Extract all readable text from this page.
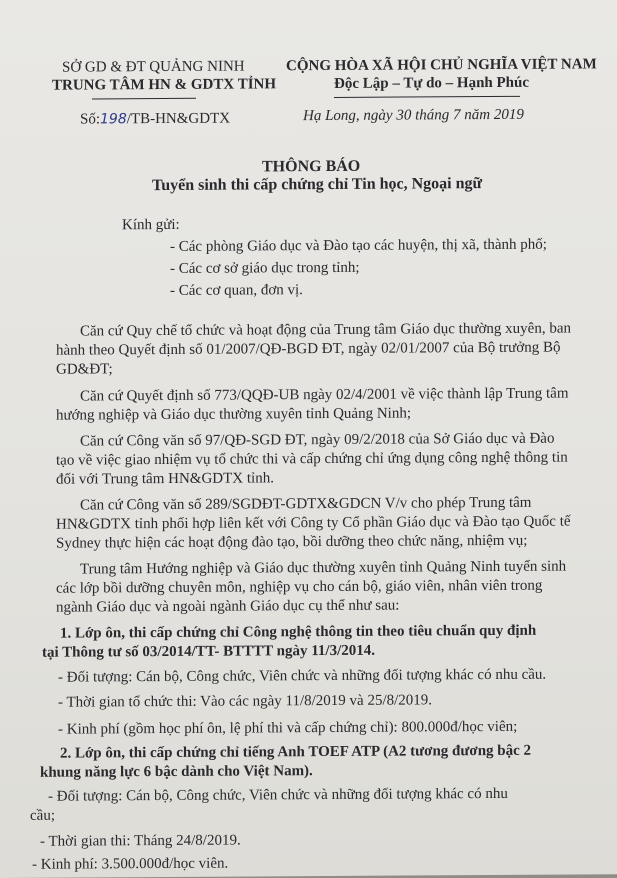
SỞ GD & ĐT QUẢNG NINH
TRUNG TÂM HN & GDTX TỈNH
Số:198/TB-HN&GDTX
CỘNG HÒA XÃ HỘI CHỦ NGHĨA VIỆT NAM
Độc Lập – Tự do – Hạnh Phúc
Hạ Long, ngày 30 tháng 7 năm 2019
THÔNG BÁO
Tuyển sinh thi cấp chứng chỉ Tin học, Ngoại ngữ
Kính gửi:
- Các phòng Giáo dục và Đào tạo các huyện, thị xã, thành phố;
- Các cơ sở giáo dục trong tỉnh;
- Các cơ quan, đơn vị.
Căn cứ Quy chế tổ chức và hoạt động của Trung tâm Giáo dục thường xuyên, ban
hành theo Quyết định số 01/2007/QĐ-BGD ĐT, ngày 02/01/2007 của Bộ trưởng Bộ
GD&ĐT;
Căn cứ Quyết định số 773/QQĐ-UB ngày 02/4/2001 về việc thành lập Trung tâm
hướng nghiệp và Giáo dục thường xuyên tỉnh Quảng Ninh;
Căn cứ Công văn số 97/QĐ-SGD ĐT, ngày 09/2/2018 của Sở Giáo dục và Đào
tạo về việc giao nhiệm vụ tổ chức thi và cấp chứng chỉ ứng dụng công nghệ thông tin
đối với Trung tâm HN&GDTX tỉnh.
Căn cứ Công văn số 289/SGDĐT-GDTX&GDCN V/v cho phép Trung tâm
HN&GDTX tỉnh phối hợp liên kết với Công ty Cổ phần Giáo dục và Đào tạo Quốc tế
Sydney thực hiện các hoạt động đào tạo, bồi dưỡng theo chức năng, nhiệm vụ;
Trung tâm Hướng nghiệp và Giáo dục thường xuyên tỉnh Quảng Ninh tuyển sinh
các lớp bồi dưỡng chuyên môn, nghiệp vụ cho cán bộ, giáo viên, nhân viên trong
ngành Giáo dục và ngoài ngành Giáo dục cụ thể như sau:
1. Lớp ôn, thi cấp chứng chỉ Công nghệ thông tin theo tiêu chuẩn quy định
tại Thông tư số 03/2014/TT- BTTTT ngày 11/3/2014.
- Đối tượng: Cán bộ, Công chức, Viên chức và những đối tượng khác có nhu cầu.
- Thời gian tổ chức thi: Vào các ngày 11/8/2019 và 25/8/2019.
- Kinh phí (gồm học phí ôn, lệ phí thi và cấp chứng chỉ): 800.000đ/học viên;
2. Lớp ôn, thi cấp chứng chỉ tiếng Anh TOEF ATP (A2 tương đương bậc 2
khung năng lực 6 bậc dành cho Việt Nam).
- Đối tượng: Cán bộ, Công chức, Viên chức và những đối tượng khác có nhu
cầu;
- Thời gian thi: Tháng 24/8/2019.
- Kinh phí: 3.500.000đ/học viên.
